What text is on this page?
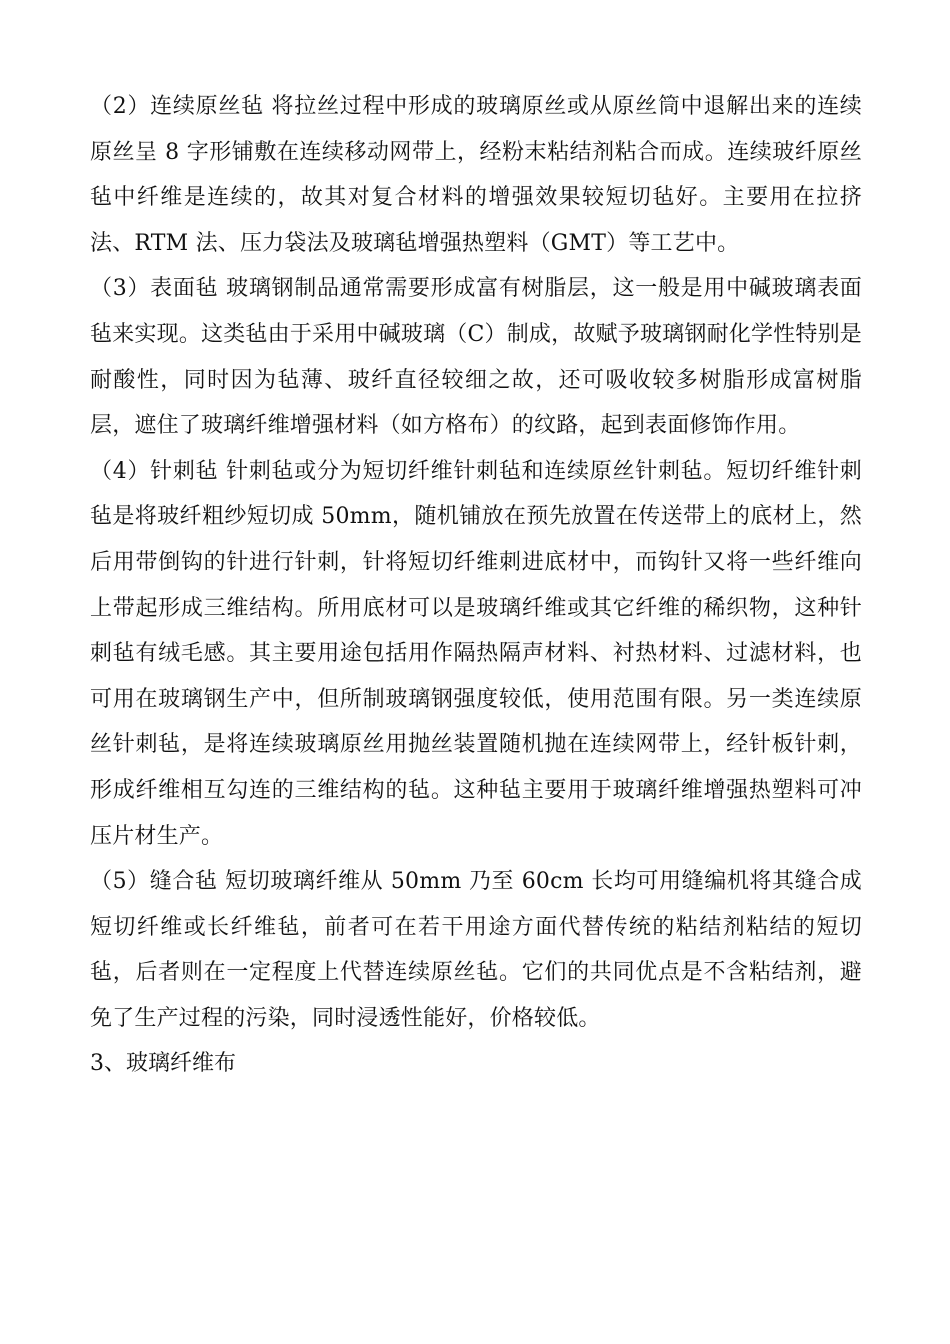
（2）连续原丝毡 将拉丝过程中形成的玻璃原丝或从原丝筒中退解出来的连续原丝呈 8 字形铺敷在连续移动网带上，经粉末粘结剂粘合而成。连续玻纤原丝毡中纤维是连续的，故其对复合材料的增强效果较短切毡好。主要用在拉挤法、RTM 法、压力袋法及玻璃毡增强热塑料（GMT）等工艺中。

（3）表面毡 玻璃钢制品通常需要形成富有树脂层，这一般是用中碱玻璃表面毡来实现。这类毡由于采用中碱玻璃（C）制成，故赋予玻璃钢耐化学性特别是耐酸性，同时因为毡薄、玻纤直径较细之故，还可吸收较多树脂形成富树脂层，遮住了玻璃纤维增强材料（如方格布）的纹路，起到表面修饰作用。

（4）针刺毡 针刺毡或分为短切纤维针刺毡和连续原丝针刺毡。短切纤维针刺毡是将玻纤粗纱短切成 50mm，随机铺放在预先放置在传送带上的底材上，然后用带倒钩的针进行针刺，针将短切纤维刺进底材中，而钩针又将一些纤维向上带起形成三维结构。所用底材可以是玻璃纤维或其它纤维的稀织物，这种针刺毡有绒毛感。其主要用途包括用作隔热隔声材料、衬热材料、过滤材料，也可用在玻璃钢生产中，但所制玻璃钢强度较低，使用范围有限。另一类连续原丝针刺毡，是将连续玻璃原丝用抛丝装置随机抛在连续网带上，经针板针刺，形成纤维相互勾连的三维结构的毡。这种毡主要用于玻璃纤维增强热塑料可冲压片材生产。

（5）缝合毡 短切玻璃纤维从 50mm 乃至 60cm 长均可用缝编机将其缝合成短切纤维或长纤维毡，前者可在若干用途方面代替传统的粘结剂粘结的短切毡，后者则在一定程度上代替连续原丝毡。它们的共同优点是不含粘结剂，避免了生产过程的污染，同时浸透性能好，价格较低。

3、玻璃纤维布
